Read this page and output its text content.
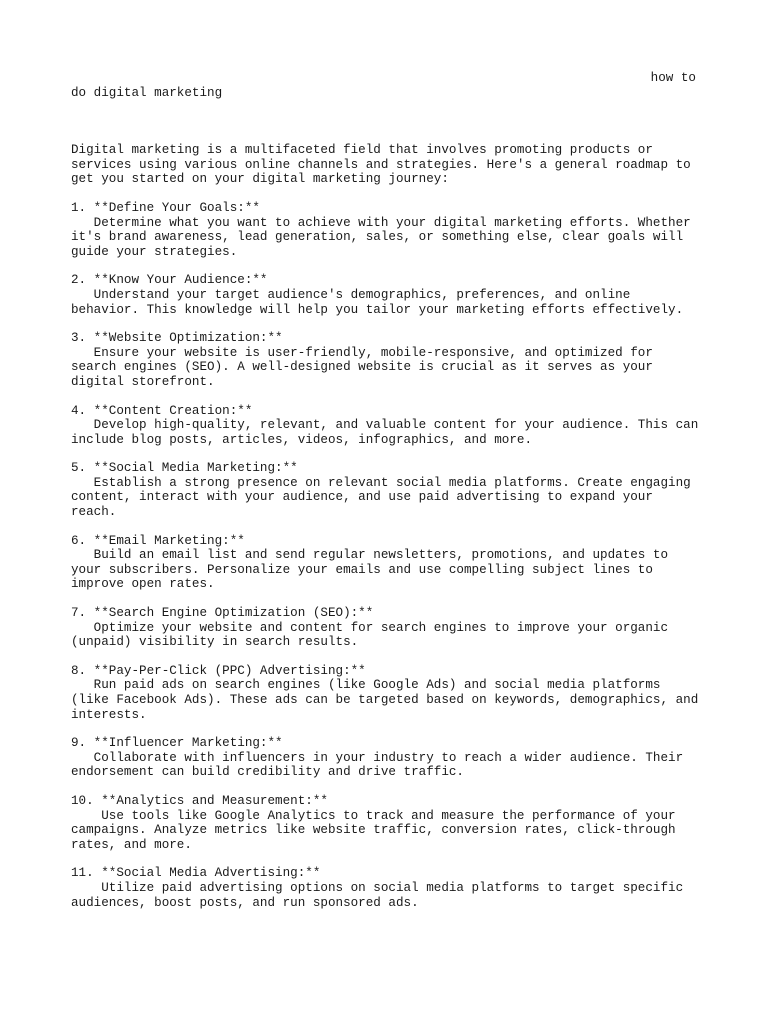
how to
do digital marketing
Digital marketing is a multifaceted field that involves promoting products or
services using various online channels and strategies. Here's a general roadmap to
get you started on your digital marketing journey:
1. **Define Your Goals:**
Determine what you want to achieve with your digital marketing efforts. Whether
it's brand awareness, lead generation, sales, or something else, clear goals will
guide your strategies.
2. **Know Your Audience:**
Understand your target audience's demographics, preferences, and online
behavior. This knowledge will help you tailor your marketing efforts effectively.
3. **Website Optimization:**
Ensure your website is user-friendly, mobile-responsive, and optimized for
search engines (SEO). A well-designed website is crucial as it serves as your
digital storefront.
4. **Content Creation:**
Develop high-quality, relevant, and valuable content for your audience. This can
include blog posts, articles, videos, infographics, and more.
5. **Social Media Marketing:**
Establish a strong presence on relevant social media platforms. Create engaging
content, interact with your audience, and use paid advertising to expand your
reach.
6. **Email Marketing:**
Build an email list and send regular newsletters, promotions, and updates to
your subscribers. Personalize your emails and use compelling subject lines to
improve open rates.
7. **Search Engine Optimization (SEO):**
Optimize your website and content for search engines to improve your organic
(unpaid) visibility in search results.
8. **Pay-Per-Click (PPC) Advertising:**
Run paid ads on search engines (like Google Ads) and social media platforms
(like Facebook Ads). These ads can be targeted based on keywords, demographics, and
interests.
9. **Influencer Marketing:**
Collaborate with influencers in your industry to reach a wider audience. Their
endorsement can build credibility and drive traffic.
10. **Analytics and Measurement:**
Use tools like Google Analytics to track and measure the performance of your
campaigns. Analyze metrics like website traffic, conversion rates, click-through
rates, and more.
11. **Social Media Advertising:**
Utilize paid advertising options on social media platforms to target specific
audiences, boost posts, and run sponsored ads.
